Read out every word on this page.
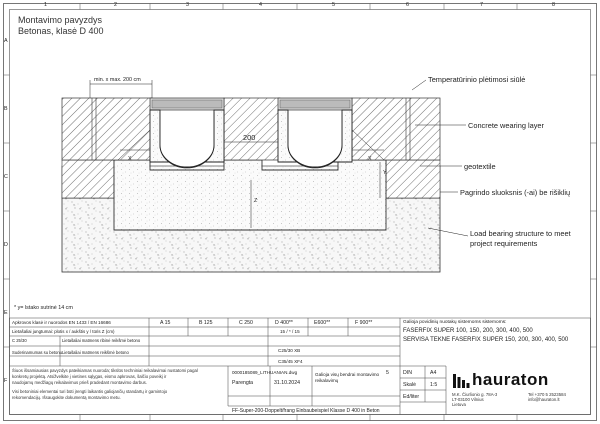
1	2	3	4	5	6	7	8
A
B
C
D
E
F
Montavimo pavyzdys
Betonas, klasė D 400
Temperatūrinio plėtimosi siūlė
Concrete wearing layer
geotextile
Pagrindo sluoksnis (-ai) be rišiklių
Load bearing structure to meet
project requirements
min. x max. 200 cm
200
X	X
Y
Z
* y= lstako sutrinė 14 cm
Apkrovos klasė ir nuorodos EN 1433 / EN 16686	A 15	B 125	C 250	D 400**	E600**	F 900**
Lietašaliai jungtumai: plotis x / aukštis y / tūris Z (cm)	15 / * / 15
C 25/30	Lietašaliai matmens ribinė reikšmė betono
C25/30 XB
Suderinamumas su betonu Lietašaliai matmens reikšmė betono
C35/45 XF4
Šiuos išsamiausias pavyzdys pateikiamas nuoroda; tikslūs techniniai reikalavimai nustatomi pagal
konkretų projektą. Atsižvelkite į vietines sąlygas, eismo apkrovas, šalčio poveikį ir
naudojamų medžiagų reikalavimus prieš pradedant montavimo darbus.
Visi betoniniai elementai turi būti įrengti laikantis galiojančių standartų ir gamintojo
rekomendacijų. Išsaugokite dokumentą montavimo metu.
Galioja povidinių nuotakų sistemoms sistemoms:
FASERFIX SUPER 100, 150, 200, 300, 400, 500
SERVISA TEKNE FASERFIX SUPER 150, 200, 300, 400, 500
0000185089_LITHUANIAN.dwg
Parengta	31.10.2024
Galioja visų bendrai montavimo reikalavimų
5	DIN	A4
Skalė	1:5
Ed/liter
hauraton
M.K. Čiurlionio g. 78A-3
LT-03100 Vilnius
Lietuva
Tel +370 5 2523584
info@hauraton.lt
FF-Super-200-Doppelt/frang Einbaubeispiel Klasse D 400 in Beton
